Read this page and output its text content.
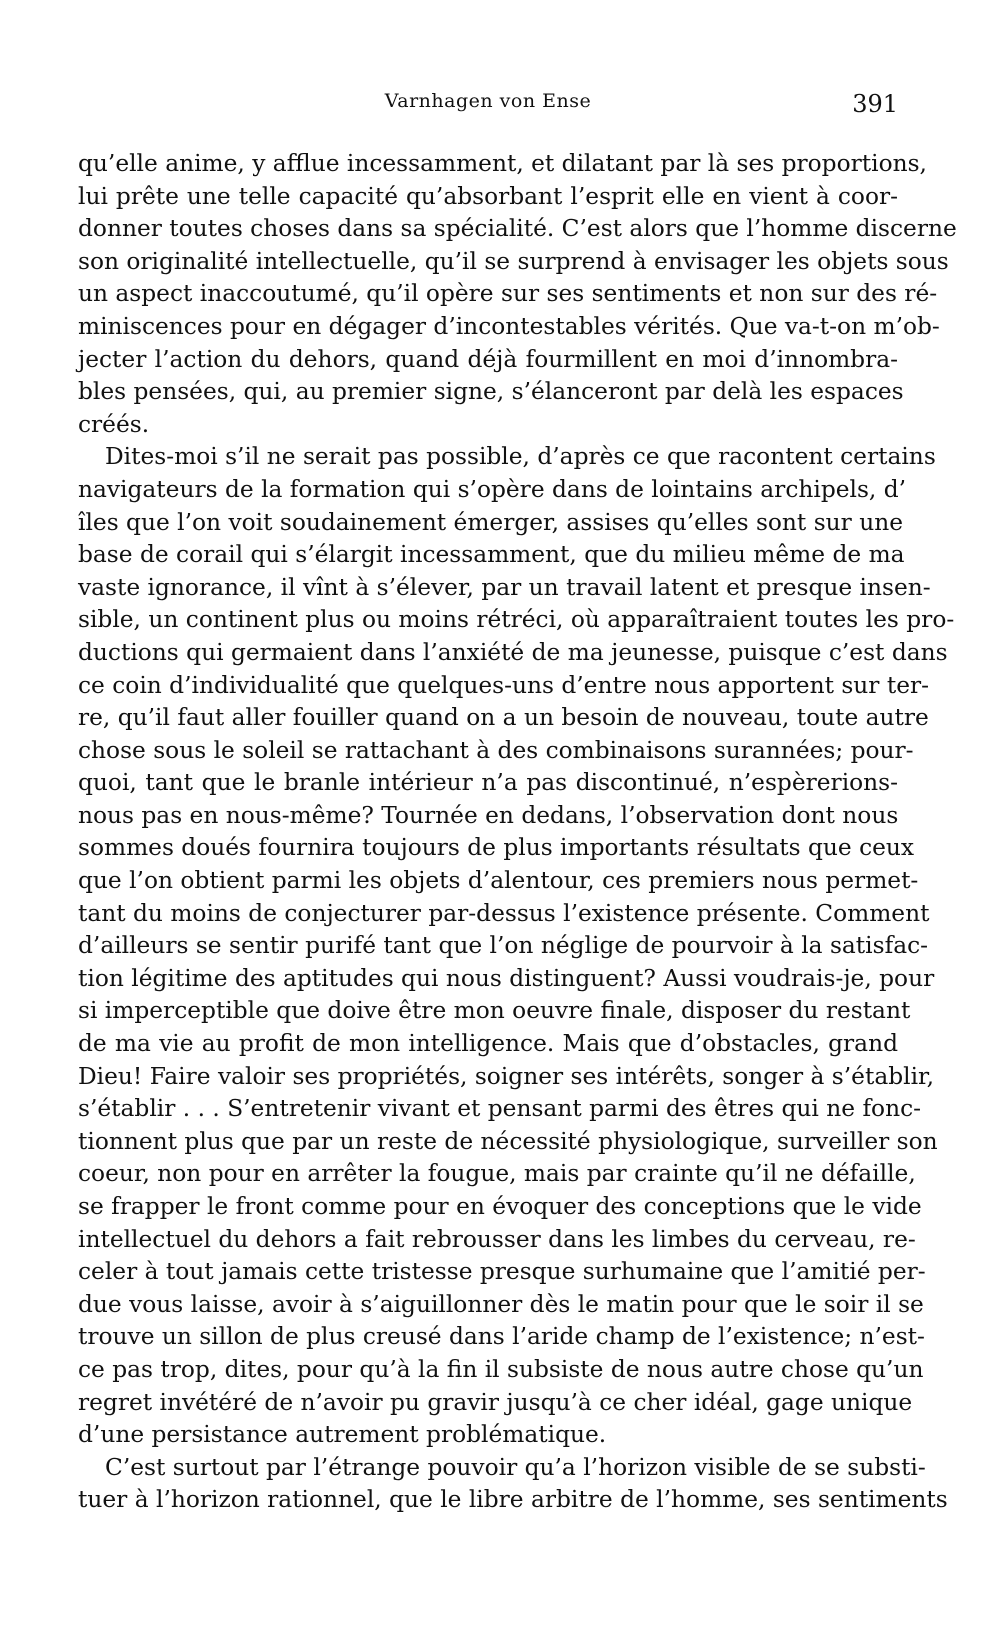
Varnhagen von Ense	391
qu’elle anime, y afflue incessamment, et dilatant par là ses proportions,
lui prête une telle capacité qu’absorbant l’esprit elle en vient à coor-
donner toutes choses dans sa spécialité. C’est alors que l’homme discerne
son originalité intellectuelle, qu’il se surprend à envisager les objets sous
un aspect inaccoutumé, qu’il opère sur ses sentiments et non sur des ré-
miniscences pour en dégager d’incontestables vérités. Que va-t-on m’ob-
jecter l’action du dehors, quand déjà fourmillent en moi d’innombra-
bles pensées, qui, au premier signe, s’élanceront par delà les espaces
créés.
Dites-moi s’il ne serait pas possible, d’après ce que racontent certains
navigateurs de la formation qui s’opère dans de lointains archipels, d’
îles que l’on voit soudainement émerger, assises qu’elles sont sur une
base de corail qui s’élargit incessamment, que du milieu même de ma
vaste ignorance, il vînt à s’élever, par un travail latent et presque insen-
sible, un continent plus ou moins rétréci, où apparaîtraient toutes les pro-
ductions qui germaient dans l’anxiété de ma jeunesse, puisque c’est dans
ce coin d’individualité que quelques-uns d’entre nous apportent sur ter-
re, qu’il faut aller fouiller quand on a un besoin de nouveau, toute autre
chose sous le soleil se rattachant à des combinaisons surannées; pour-
quoi, tant que le branle intérieur n’a pas discontinué, n’espèrerions-
nous pas en nous-même? Tournée en dedans, l’observation dont nous
sommes doués fournira toujours de plus importants résultats que ceux
que l’on obtient parmi les objets d’alentour, ces premiers nous permet-
tant du moins de conjecturer par-dessus l’existence présente. Comment
d’ailleurs se sentir purifé tant que l’on néglige de pourvoir à la satisfac-
tion légitime des aptitudes qui nous distinguent? Aussi voudrais-je, pour
si imperceptible que doive être mon oeuvre finale, disposer du restant
de ma vie au profit de mon intelligence. Mais que d’obstacles, grand
Dieu! Faire valoir ses propriétés, soigner ses intérêts, songer à s’établir,
s’établir . . . S’entretenir vivant et pensant parmi des êtres qui ne fonc-
tionnent plus que par un reste de nécessité physiologique, surveiller son
coeur, non pour en arrêter la fougue, mais par crainte qu’il ne défaille,
se frapper le front comme pour en évoquer des conceptions que le vide
intellectuel du dehors a fait rebrousser dans les limbes du cerveau, re-
celer à tout jamais cette tristesse presque surhumaine que l’amitié per-
due vous laisse, avoir à s’aiguillonner dès le matin pour que le soir il se
trouve un sillon de plus creusé dans l’aride champ de l’existence; n’est-
ce pas trop, dites, pour qu’à la fin il subsiste de nous autre chose qu’un
regret invétéré de n’avoir pu gravir jusqu’à ce cher idéal, gage unique
d’une persistance autrement problématique.
C’est surtout par l’étrange pouvoir qu’a l’horizon visible de se substi-
tuer à l’horizon rationnel, que le libre arbitre de l’homme, ses sentiments
